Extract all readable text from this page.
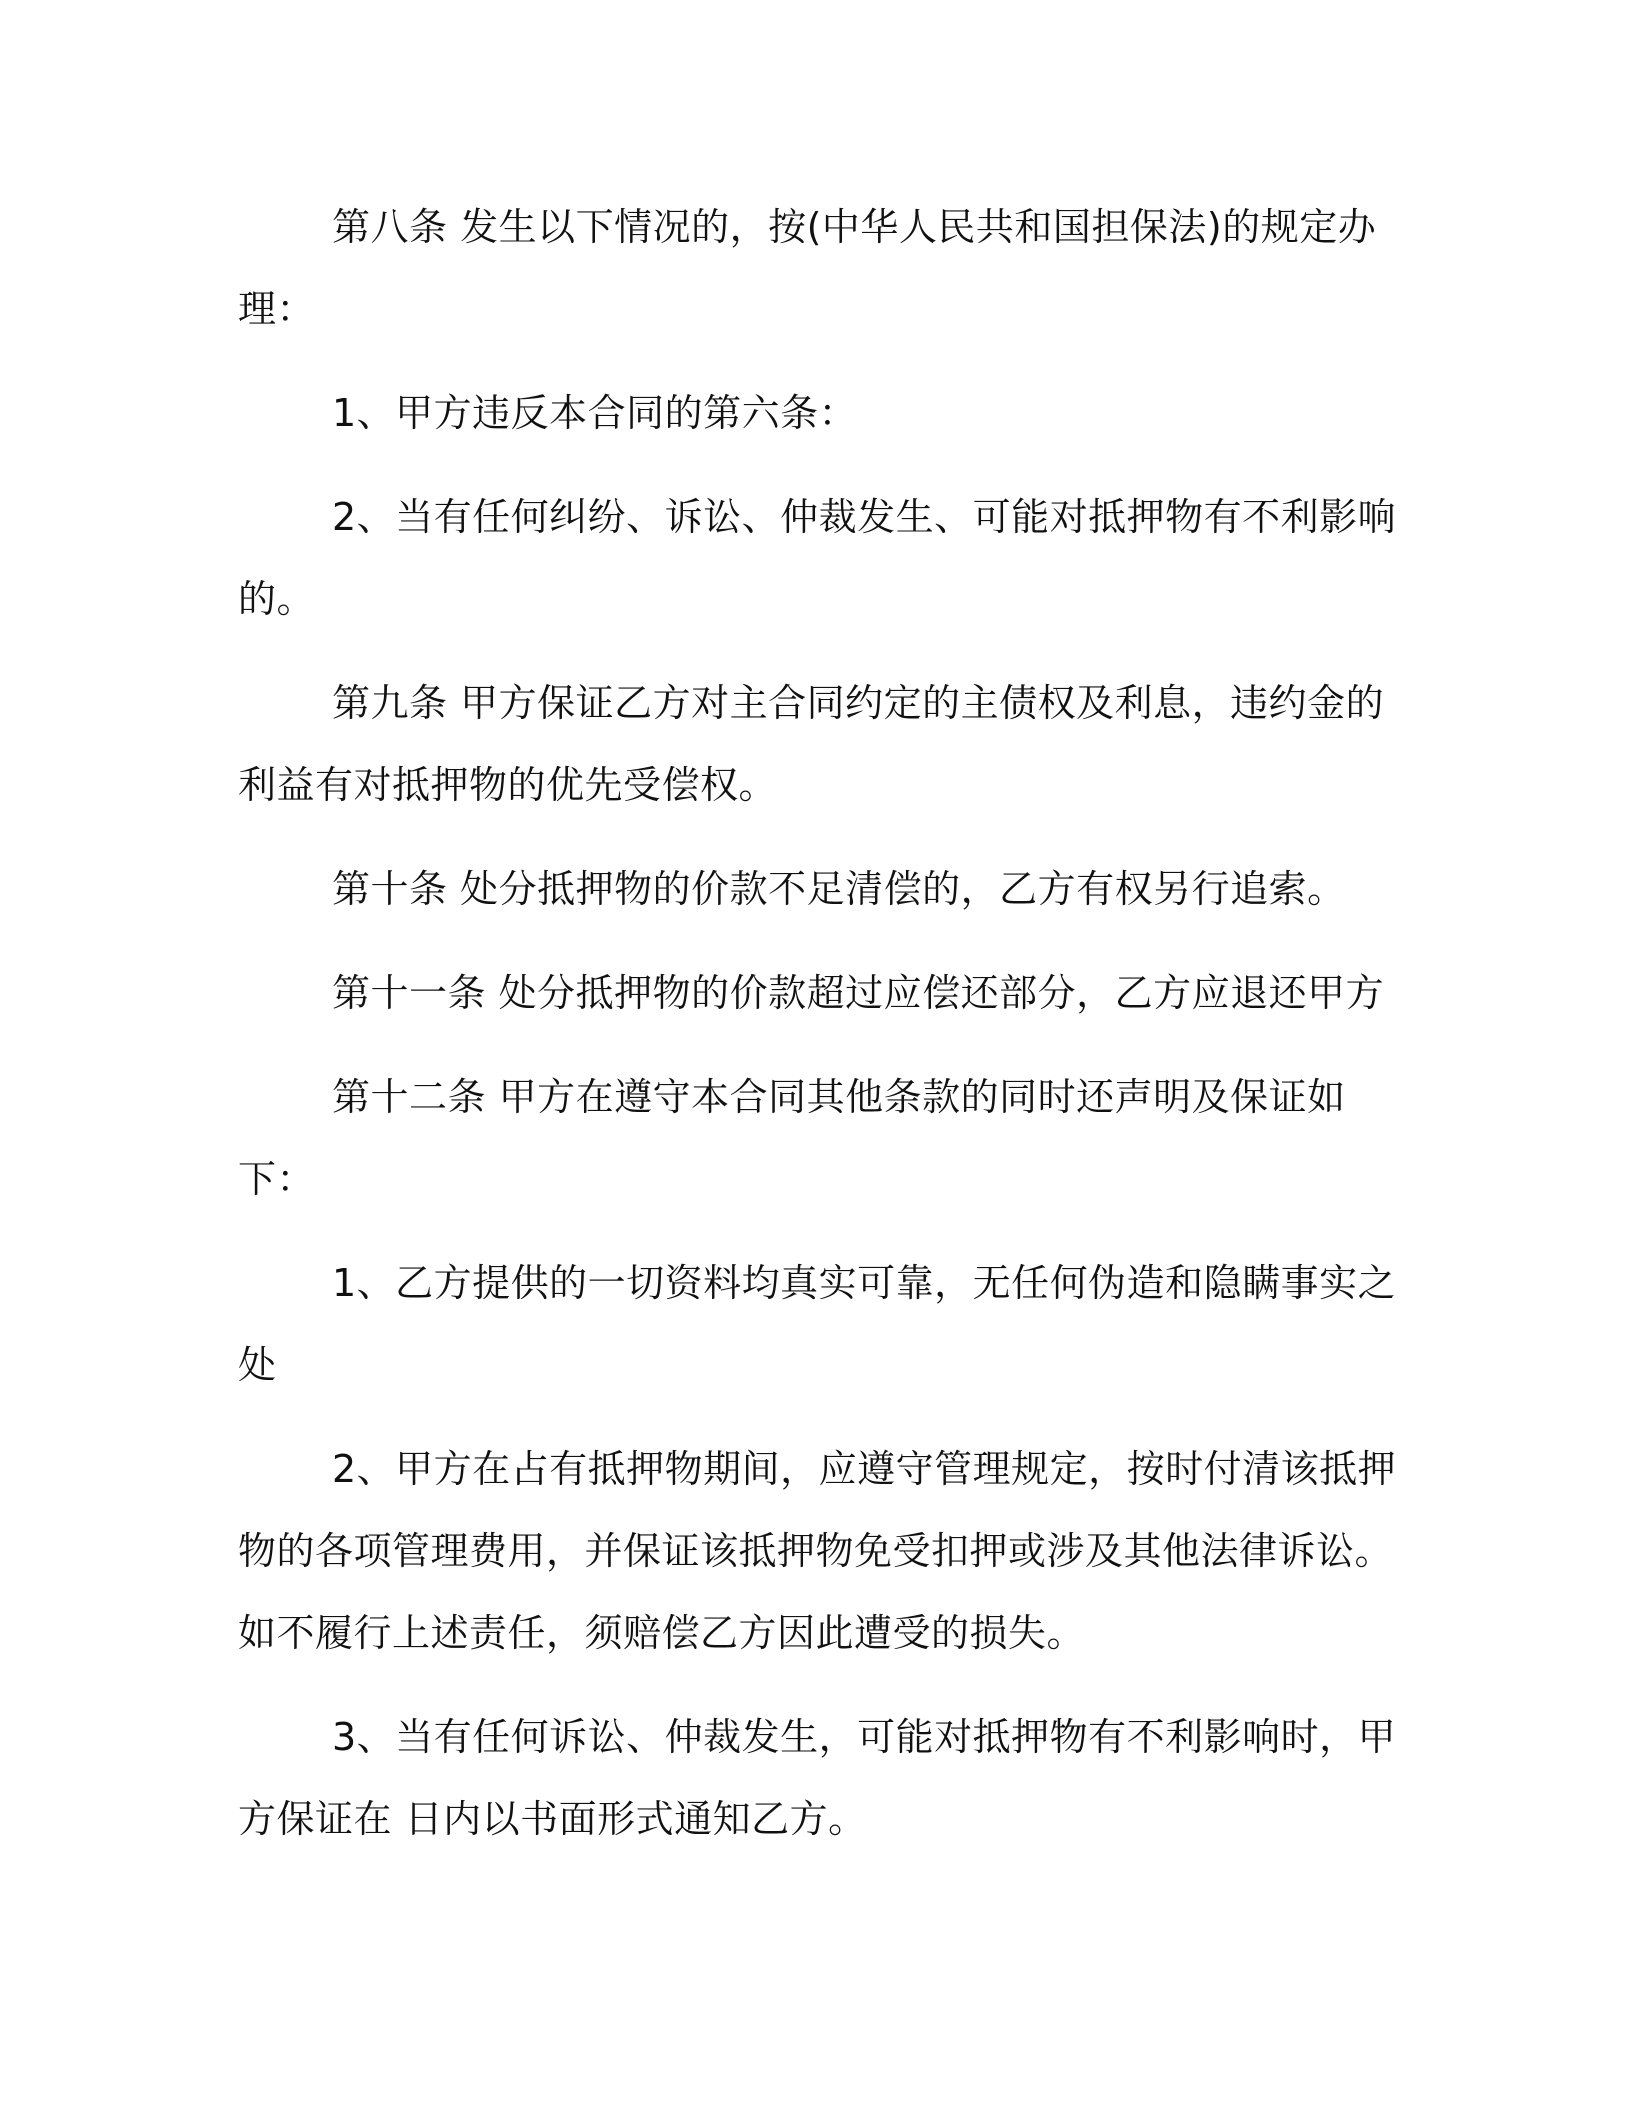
第八条 发生以下情况的，按(中华人民共和国担保法)的规定办理：

1、甲方违反本合同的第六条：

2、当有任何纠纷、诉讼、仲裁发生、可能对抵押物有不利影响的。

第九条 甲方保证乙方对主合同约定的主债权及利息，违约金的利益有对抵押物的优先受偿权。

第十条 处分抵押物的价款不足清偿的，乙方有权另行追索。

第十一条 处分抵押物的价款超过应偿还部分，乙方应退还甲方

第十二条 甲方在遵守本合同其他条款的同时还声明及保证如下：

1、乙方提供的一切资料均真实可靠，无任何伪造和隐瞒事实之处

2、甲方在占有抵押物期间，应遵守管理规定，按时付清该抵押物的各项管理费用，并保证该抵押物免受扣押或涉及其他法律诉讼。如不履行上述责任，须赔偿乙方因此遭受的损失。

3、当有任何诉讼、仲裁发生，可能对抵押物有不利影响时，甲方保证在 日内以书面形式通知乙方。
